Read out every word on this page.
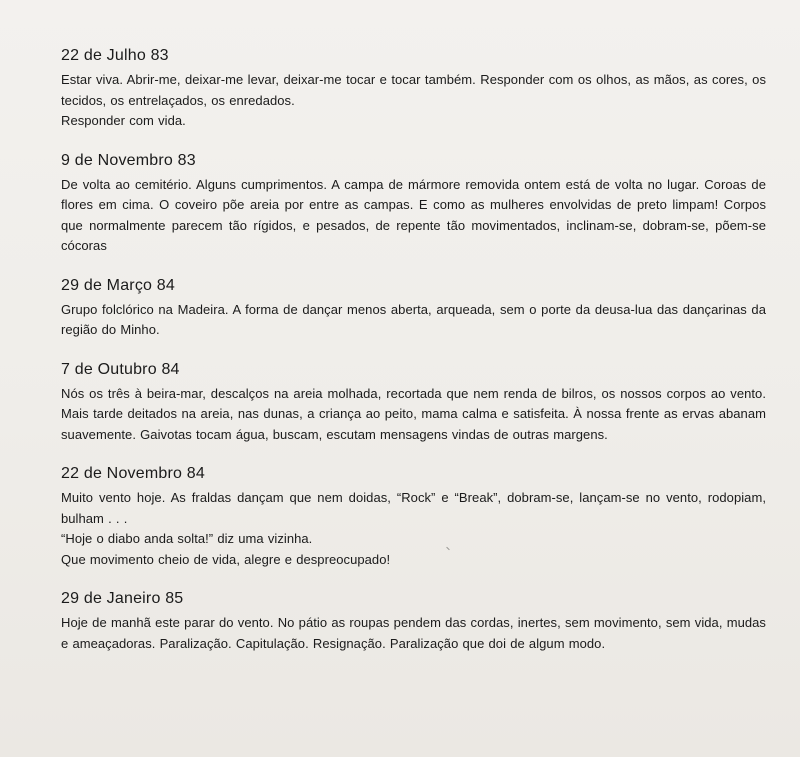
22 de Julho 83

Estar viva. Abrir-me, deixar-me levar, deixar-me tocar e tocar também. Responder com os olhos, as mãos, as cores, os tecidos, os entrelaçados, os enredados.

Responder com vida.

9 de Novembro 83

De volta ao cemitério. Alguns cumprimentos. A campa de mármore removida ontem está de volta no lugar. Coroas de flores em cima. O coveiro põe areia por entre as campas. E como as mulheres envolvidas de preto limpam! Corpos que normalmente parecem tão rígidos, e pesados, de repente tão movimentados, inclinam-se, dobram-se, põem-se cócoras

29 de Março 84

Grupo folclórico na Madeira. A forma de dançar menos aberta, arqueada, sem o porte da deusa-lua das dançarinas da região do Minho.

7 de Outubro 84

Nós os três à beira-mar, descalços na areia molhada, recortada que nem renda de bilros, os nossos corpos ao vento. Mais tarde deitados na areia, nas dunas, a criança ao peito, mama calma e satisfeita. À nossa frente as ervas abanam suavemente. Gaivotas tocam água, buscam, escutam mensagens vindas de outras margens.

22 de Novembro 84

Muito vento hoje. As fraldas dançam que nem doidas, “Rock” e “Break”, dobram-se, lançam-se no vento, rodopiam, bulham . . .

“Hoje o diabo anda solta!” diz uma vizinha.

Que movimento cheio de vida, alegre e despreocupado!

29 de Janeiro 85

Hoje de manhã este parar do vento. No pátio as roupas pendem das cordas, inertes, sem movimento, sem vida, mudas e ameaçadoras. Paralização. Capitulação. Resignação. Paralização que doi de algum modo.
